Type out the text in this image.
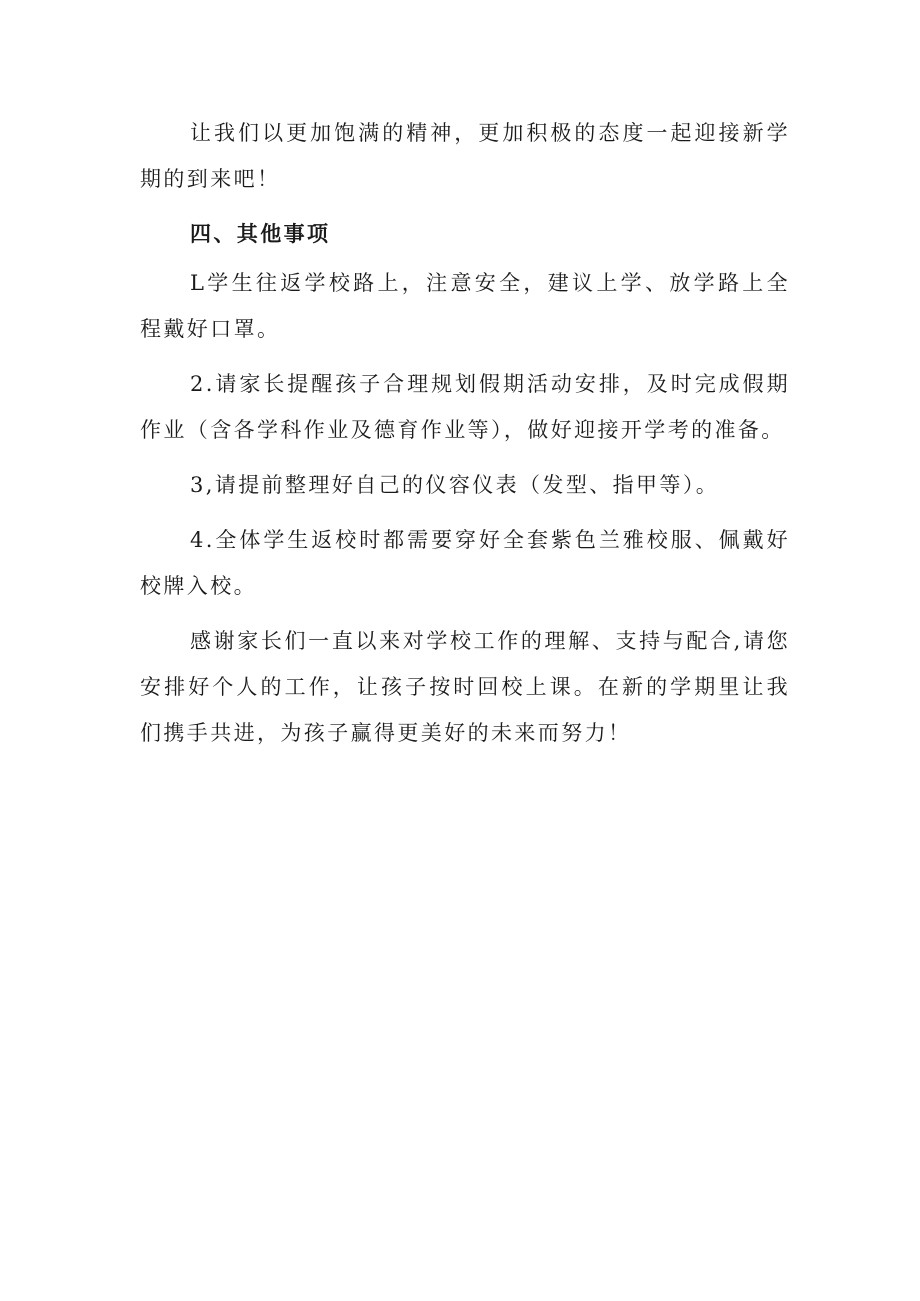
让我们以更加饱满的精神，更加积极的态度一起迎接新学期的到来吧！

四、其他事项

L学生往返学校路上，注意安全，建议上学、放学路上全程戴好口罩。

2.请家长提醒孩子合理规划假期活动安排，及时完成假期作业（含各学科作业及德育作业等），做好迎接开学考的准备。

3,请提前整理好自己的仪容仪表（发型、指甲等）。

4.全体学生返校时都需要穿好全套紫色兰雅校服、佩戴好校牌入校。

感谢家长们一直以来对学校工作的理解、支持与配合,请您安排好个人的工作，让孩子按时回校上课。在新的学期里让我们携手共进，为孩子赢得更美好的未来而努力！
